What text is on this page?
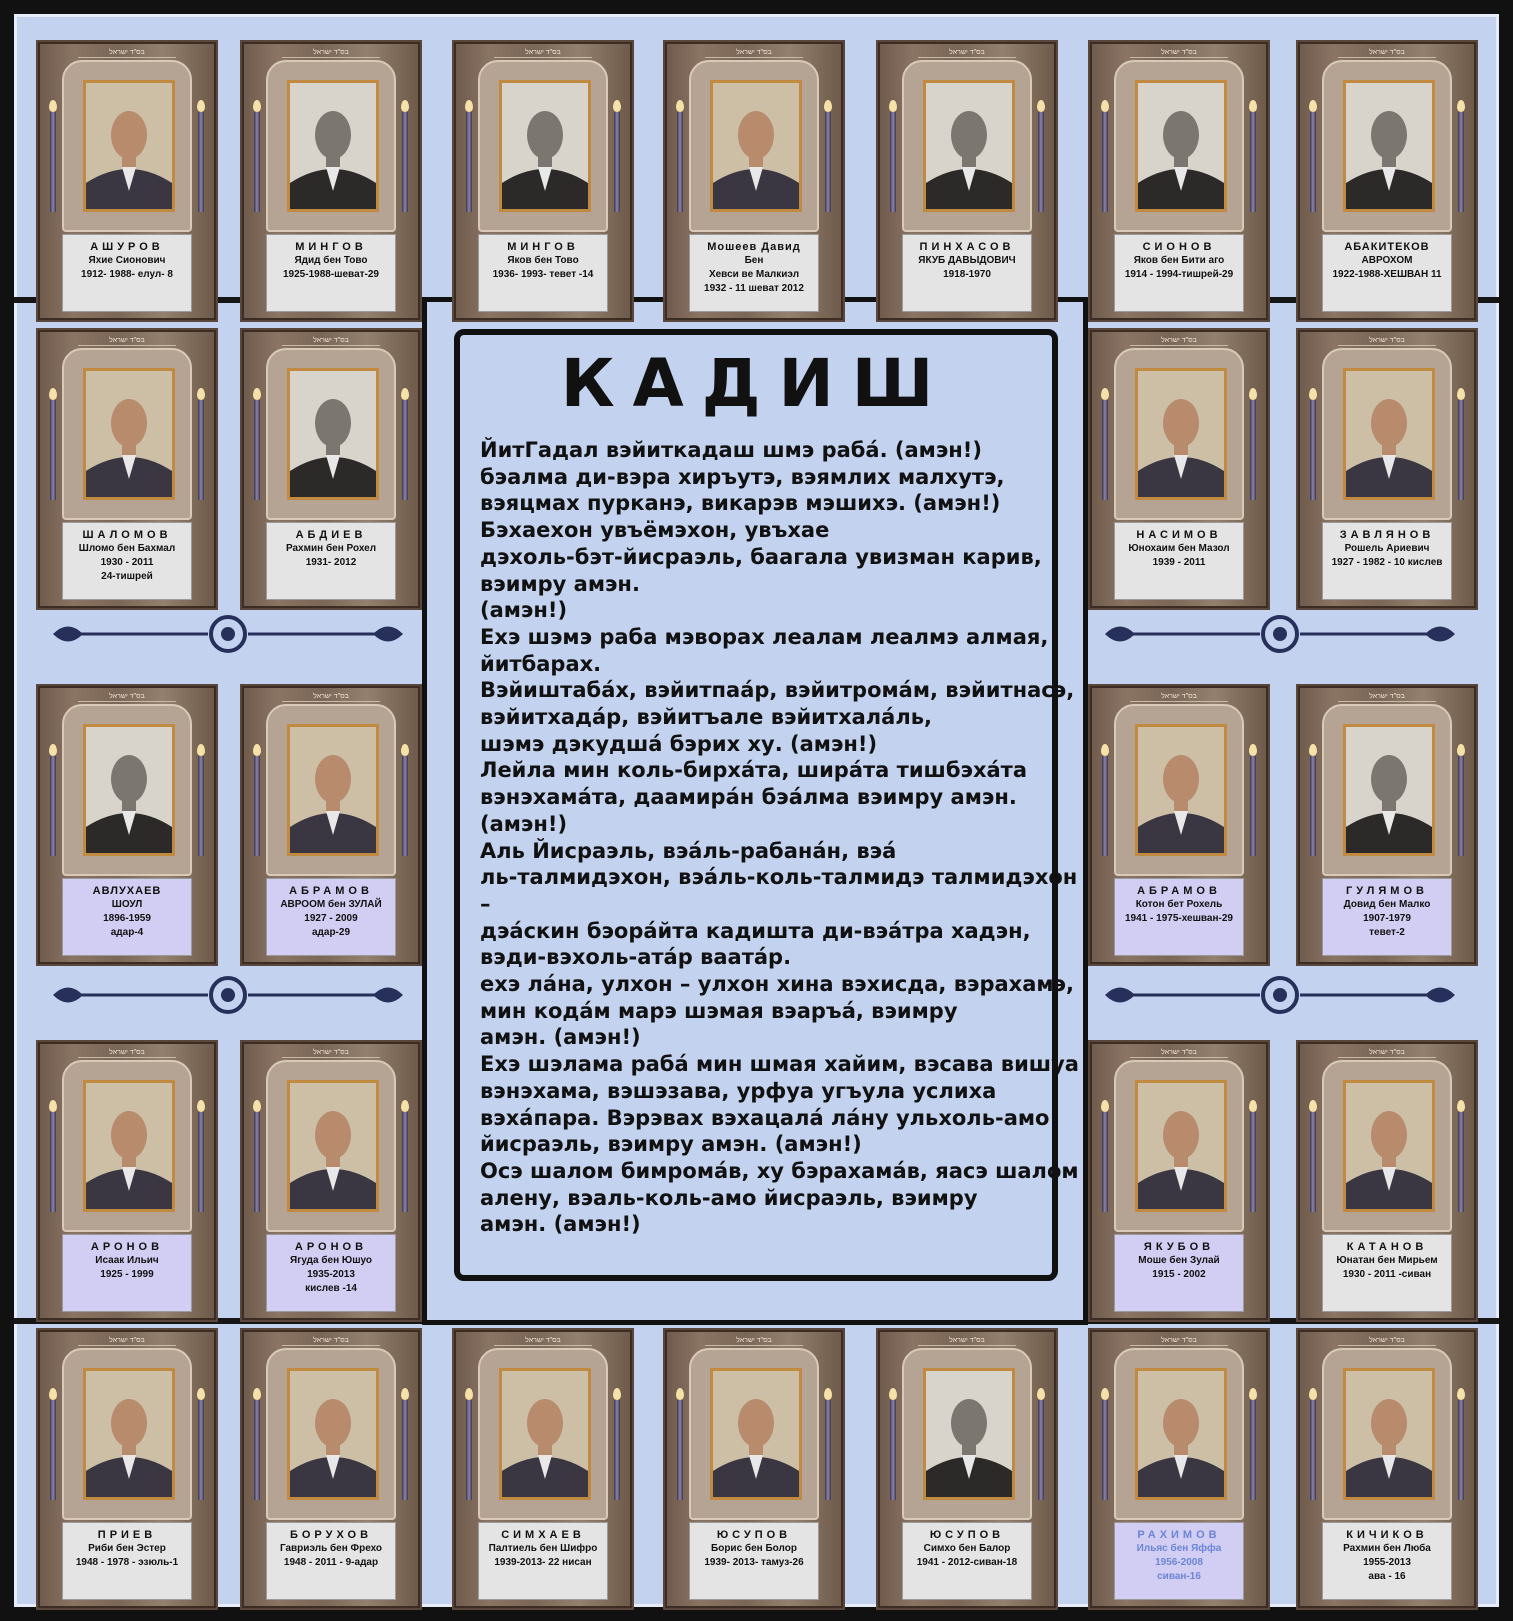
КАДИШ
ЙитГадал вэйиткадаш шмэ рабá. (амэн!)
бэалма ди-вэра хиръутэ, вэямлих малхутэ,
вэяцмах пурканэ, викарэв мэшихэ. (амэн!)
Бэхаехон увъёмэхон, увъхае
дэхоль-бэт-йисраэль, баагала увизман карив,
вэимру амэн.
(амэн!)
Ехэ шэмэ раба мэворах леалам леалмэ алмая,
йитбарах.
Вэйиштабáх, вэйитпаáр, вэйитромáм, вэйитнасэ,
вэйитхадáр, вэйитъале вэйитхалáль,
шэмэ дэкудшá бэрих ху. (амэн!)
Лейла мин коль-бирхáта, ширáта тишбэхáта
вэнэхамáта, даамирáн бэáлма вэимру амэн.
(амэн!)
Аль Йисраэль, вэáль-рабанáн, вэá
ль-талмидэхон, вэáль-коль-талмидэ талмидэхон
–
дэáскин бэорáйта кадишта ди-вэáтра хадэн,
вэди-вэхоль-атáр ваатáр.
ехэ лáна, улхон – улхон хина вэхисда, вэрахамэ,
мин кодáм марэ шэмая вэаръá, вэимру
амэн. (амэн!)
Ехэ шэлама рабá мин шмая хайим, вэсава вишуа
вэнэхама, вэшэзава, урфуа угъула услиха
вэхáпара. Вэрэвах вэхацалá лáну ульхоль-амо
йисраэль, вэимру амэн. (амэн!)
Осэ шалом бимромáв, ху бэрахамáв, яасэ шалом
алену, вэаль-коль-амо йисраэль, вэимру
амэн. (амэн!)
בס"ד ישראל
АШУРОВ
Яхие Сионович
1912- 1988- елул- 8
בס"ד ישראל
МИНГОВ
Ядид бен Тово
1925-1988-шеват-29
בס"ד ישראל
МИНГОВ
Яков бен Тово
1936- 1993- тевет -14
בס"ד ישראל
Мошеев Давид
Бен
Хевси ве Малкиэл
1932 - 11 шеват 2012
בס"ד ישראל
ПИНХАСОВ
ЯКУБ ДАВЫДОВИЧ
1918-1970
בס"ד ישראל
СИОНОВ
Яков бен Бити аго
1914 - 1994-тишрей-29
בס"ד ישראל
АБАКИТЕКОВ
АВРОХОМ
1922-1988-ХЕШВАН 11
בס"ד ישראל
ШАЛОМОВ
Шломо бен Бахмал
1930 - 2011
24-тишрей
בס"ד ישראל
АБДИЕВ
Рахмин бен Рохел
1931- 2012
בס"ד ישראל
НАСИМОВ
Юнохаим бен Мазол
1939 - 2011
בס"ד ישראל
ЗАВЛЯНОВ
Рошель Ариевич
1927 - 1982 - 10 кислев
בס"ד ישראל
АВЛУХАЕВ
ШОУЛ
1896-1959
адар-4
בס"ד ישראל
АБРАМОВ
АВРООМ бен ЗУЛАЙ
1927 - 2009
адар-29
בס"ד ישראל
АБРАМОВ
Котон бет Рохель
1941 - 1975-хешван-29
בס"ד ישראל
ГУЛЯМОВ
Довид бен Малко
1907-1979
тевет-2
בס"ד ישראל
АРОНОВ
Исаак Ильич
1925 - 1999
בס"ד ישראל
АРОНОВ
Ягуда бен Юшуо
1935-2013
кислев -14
בס"ד ישראל
ЯКУБОВ
Моше бен Зулай
1915 - 2002
בס"ד ישראל
КАТАНОВ
Юнатан бен Мирьем
1930 - 2011 -сиван
בס"ד ישראל
ПРИЕВ
Риби бен Эстер
1948 - 1978 - эзюль-1
בס"ד ישראל
БОРУХОВ
Гавриэль бен Фрехо
1948 - 2011 - 9-адар
בס"ד ישראל
СИМХАЕВ
Палтиель бен Шифро
1939-2013- 22 нисан
בס"ד ישראל
ЮСУПОВ
Борис бен Болор
1939- 2013- тамуз-26
בס"ד ישראל
ЮСУПОВ
Симхо бен Балор
1941 - 2012-сиван-18
בס"ד ישראל
РАХИМОВ
Ильяс бен Яффа
1956-2008
сиван-16
בס"ד ישראל
КИЧИКОВ
Рахмин бен Люба
1955-2013
ава - 16
